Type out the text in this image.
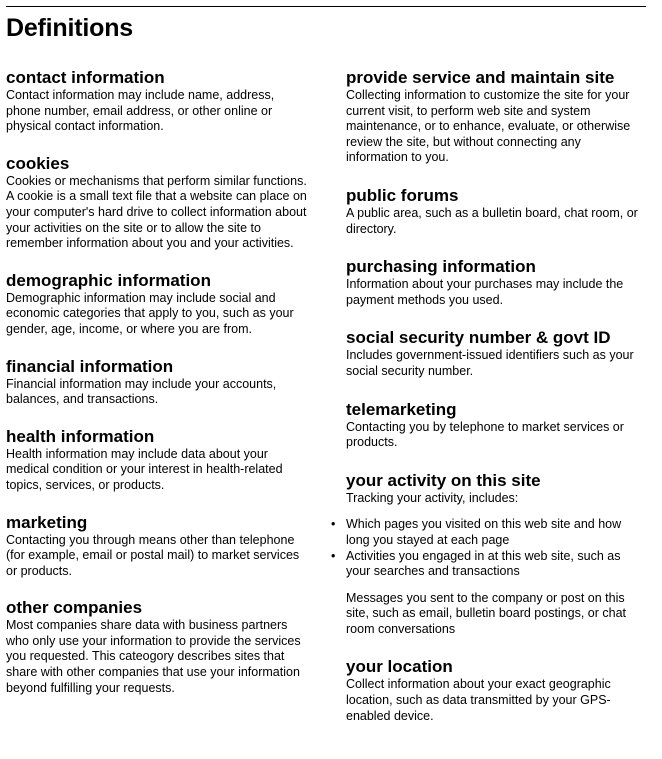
Definitions
contact information

Contact information may include name, address, phone number, email address, or other online or physical contact information.

cookies

Cookies or mechanisms that perform similar functions. A cookie is a small text file that a website can place on your computer's hard drive to collect information about your activities on the site or to allow the site to remember information about you and your activities.

demographic information

Demographic information may include social and economic categories that apply to you, such as your gender, age, income, or where you are from.

financial information

Financial information may include your accounts, balances, and transactions.

health information

Health information may include data about your medical condition or your interest in health-related topics, services, or products.

marketing

Contacting you through means other than telephone (for example, email or postal mail) to market services or products.

other companies

Most companies share data with business partners who only use your information to provide the services you requested. This cateogory describes sites that share with other companies that use your information beyond fulfilling your requests.

provide service and maintain site

Collecting information to customize the site for your current visit, to perform web site and system maintenance, or to enhance, evaluate, or otherwise review the site, but without connecting any information to you.

public forums

A public area, such as a bulletin board, chat room, or directory.

purchasing information

Information about your purchases may include the payment methods you used.

social security number & govt ID

Includes government-issued identifiers such as your social security number.

telemarketing

Contacting you by telephone to market services or products.

your activity on this site

Tracking your activity, includes:

• Which pages you visited on this web site and how long you stayed at each page
• Activities you engaged in at this web site, such as your searches and transactions

Messages you sent to the company or post on this site, such as email, bulletin board postings, or chat room conversations

your location

Collect information about your exact geographic location, such as data transmitted by your GPS-enabled device.
